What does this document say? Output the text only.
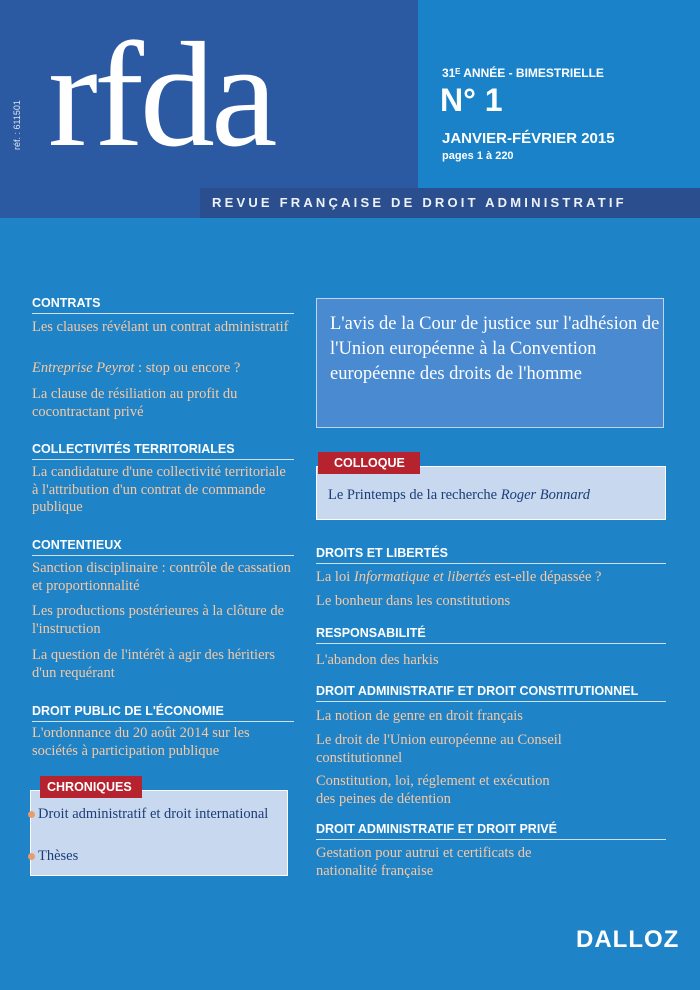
réf. : 611501 rfda	31ᴱ ANNÉE - BIMESTRIELLE
N° 1
JANVIER-FÉVRIER 2015
pages 1 à 220
REVUE FRANÇAISE DE DROIT ADMINISTRATIF
CONTRATS
Les clauses révélant un contrat administratif
Entreprise Peyrot : stop ou encore ?
La clause de résiliation au profit du cocontractant privé
COLLECTIVITÉS TERRITORIALES
La candidature d'une collectivité territoriale à l'attribution d'un contrat de commande publique
CONTENTIEUX
Sanction disciplinaire : contrôle de cassation et proportionnalité
Les productions postérieures à la clôture de l'instruction
La question de l'intérêt à agir des héritiers d'un requérant
DROIT PUBLIC DE L'ÉCONOMIE
L'ordonnance du 20 août 2014 sur les sociétés à participation publique
CHRONIQUES
Droit administratif et droit international
Thèses
L'avis de la Cour de justice sur l'adhésion de l'Union européenne à la Convention européenne des droits de l'homme
COLLOQUE
Le Printemps de la recherche Roger Bonnard
DROITS ET LIBERTÉS
La loi Informatique et libertés est-elle dépassée ?
Le bonheur dans les constitutions
RESPONSABILITÉ
L'abandon des harkis
DROIT ADMINISTRATIF ET DROIT CONSTITUTIONNEL
La notion de genre en droit français
Le droit de l'Union européenne au Conseil constitutionnel
Constitution, loi, réglement et exécution des peines de détention
DROIT ADMINISTRATIF ET DROIT PRIVÉ
Gestation pour autrui et certificats de nationalité française
DALLOZ
